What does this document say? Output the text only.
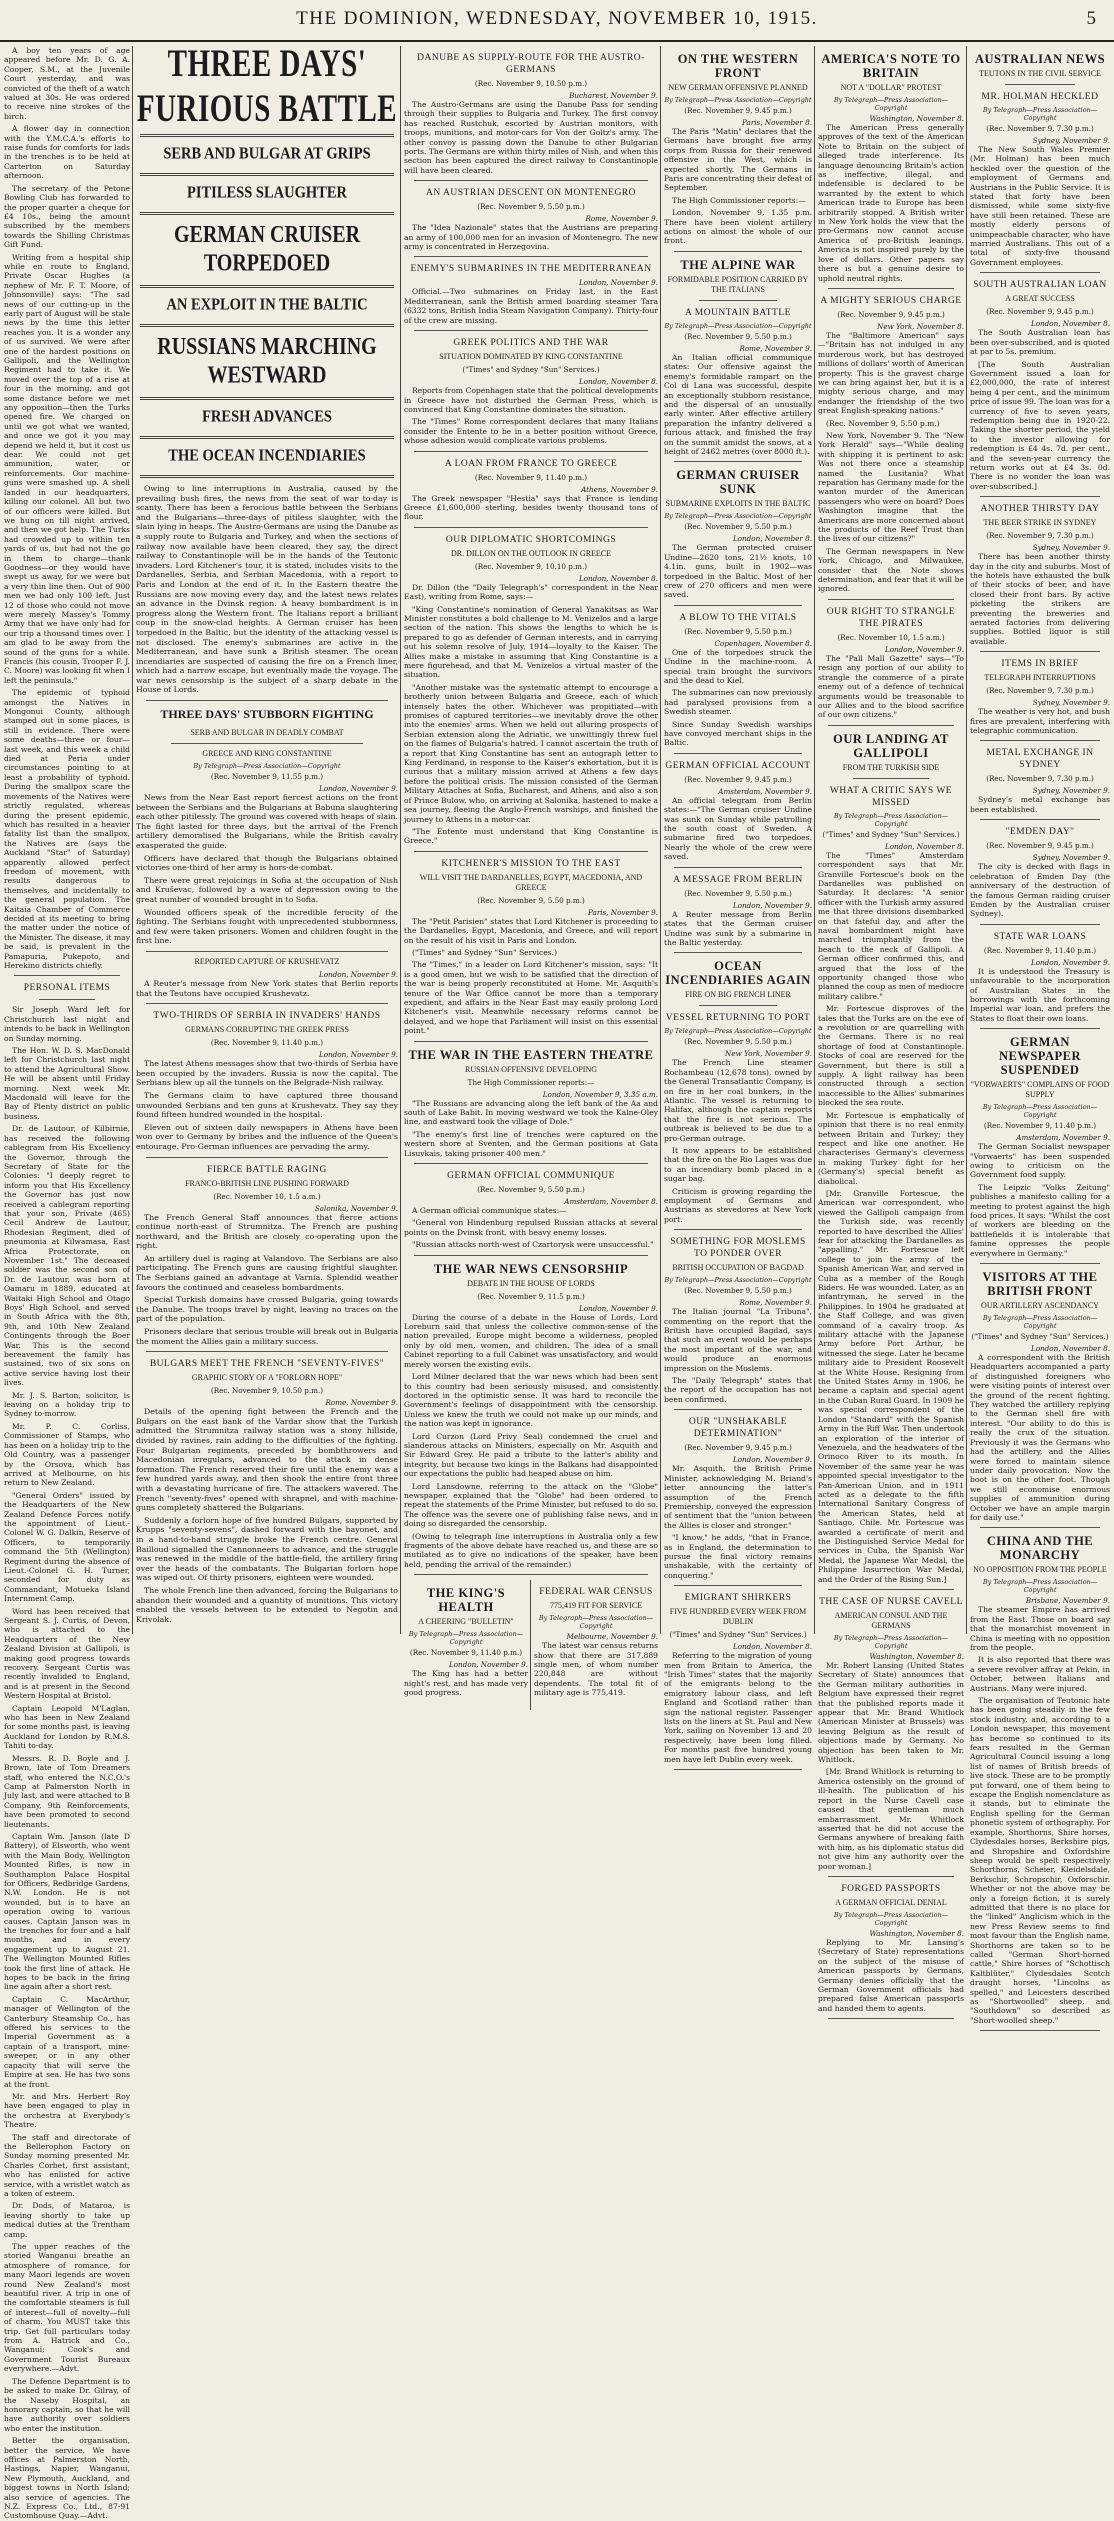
THE DOMINION, WEDNESDAY, NOVEMBER 10, 1915.	5

A boy ten years of age appeared before Mr. D. G. A. Cooper, S.M., at the Juvenile Court yesterday, and was convicted of the theft of a watch valued at 30s. He was ordered to receive nine strokes of the birch.

A flower day in connection with the Y.M.C.A.'s efforts to raise funds for comforts for lads in the trenches is to be held at Carterton on Saturday afternoon.

The secretary of the Petone Bowling Club has forwarded to the proper quarter a cheque for £4 10s., being the amount subscribed by the members towards the Shilling Christmas Gift Fund.

Writing from a hospital ship while en route to England, Private Oscar Hughes (a nephew of Mr. F. T. Moore, of Johnsonville) says: "The sad news of our cutting-up in the early part of August will be stale news by the time this letter reaches you. It is a wonder any of us survived. We were after one of the hardest positions on Gallipoli, and the Wellington Regiment had to take it. We moved over the top of a rise at four in the morning, and got some distance before we met any opposition—then the Turks opened fire. We charged on until we got what we wanted, and once we got it you may depend we held it, but it cost us dear. We could not get ammunition, water, or reinforcements. Our machine-guns were smashed up. A shell landed in our headquarters, killing our colonel. All but two of our officers were killed. But we hung on till night arrived, and then we got help. The Turks had crowded up to within ten yards of us, but had not the go in them to charge—thank Goodness—or they would have swept us away, for we were but a very thin line then. Out of 900 men we had only 100 left. Just 12 of those who could not move were merely Massey's Tommy Army that we have only had for our trip a thousand times over. I am glad to be away from the sound of the guns for a while. Francis (his cousin, Trooper F. J. C. Moore) was looking fit when I left the peninsula."

The epidemic of typhoid amongst the Natives in Mongonui County, although stamped out in some places, is still in evidence. There were some deaths—three or four—last week, and this week a child died at Peria under circumstances pointing to at least a probability of typhoid. During the smallpox scare the movements of the Natives were strictly regulated, whereas during the present epidemic, which has resulted in a heavier fatality list than the smallpox, the Natives are (says the Auckland "Star" of Saturday) apparently allowed perfect freedom of movement, with results dangerous to themselves, and incidentally to the general population. The Kaitaia Chamber of Commerce decided at its meeting to bring the matter under the notice of the Minister. The disease, it may be said, is prevalent in the Pamapuria, Pukepoto, and Herekino districts chiefly.

PERSONAL ITEMS

Sir Joseph Ward left for Christchurch last night and intends to be back in Wellington on Sunday morning.

The Hon. W. D. S. MacDonald left for Christchurch last night to attend the Agricultural Show. He will be absent until Friday morning. Next week Mr. Macdonald will leave for the Bay of Plenty district on public business.

Dr. de Lautour, of Kilbirnie, has received the following cablegram from His Excellency the Governor, through the Secretary of State for the Colonies: "I deeply regret to inform you that His Excellency the Governor has just now received a cablegram reporting that your son, Private (465) Cecil Andrew de Lautour, Rhodesian Regiment, died of pneumonia at Kilwamasa, East Africa Protectorate, on November 1st." The deceased soldier was the second son of Dr. de Lautour, was born at Oamaru in 1889, educated at Waitaki High School and Otago Boys' High School, and served in South Africa with the 8th, 9th, and 10th New Zealand Contingents through the Boer War. This is the second bereavement the family has sustained, two of six sons on active service having lost their lives.

Mr. J. S. Barton, solicitor, is leaving on a holiday trip to Sydney to-morrow.

Mr. P. C. Corliss, Commissioner of Stamps, who has been on a holiday trip to the Old Country, was a passenger by the Orsova, which has arrived at Melbourne, on his return to New Zealand.

"General Orders" issued by the Headquarters of the New Zealand Defence Forces notify the appointment of Lieut.-Colonel W. G. Dalkin, Reserve of Officers, to temporarily command the 5th (Wellington) Regiment during the absence of Lieut.-Colonel G. H. Turner, seconded for duty as Commandant, Motueka Island Internment Camp.

Word has been received that Sergeant S. J. Curtis, of Devon, who is attached to the Headquarters of the New Zealand Division at Gallipoli, is making good progress towards recovery. Sergeant Curtis was recently invalided to England, and is at present in the Second Western Hospital at Bristol.

Captain Leopold M'Laglan, who has been in New Zealand for some months past, is leaving Auckland for London by R.M.S. Tahiti to-day.

Messrs. R. D. Boyle and J. Brown, late of Tom Dreamers staff, who entered the N.C.O.'s Camp at Palmerston North in July last, and were attached to B Company, 9th Reinforcements, have been promoted to second lieutenants.

Captain Wm. Janson (late D Battery), of Elsworth, who went with the Main Body, Wellington Mounted Rifles, is now in Southampton Palace Hospital for Officers, Redbridge Gardens, N.W. London. He is not wounded, but is to have an operation owing to various causes. Captain Janson was in the trenches for four and a half months, and in every engagement up to August 21. The Wellington Mounted Rifles took the first line of attack. He hopes to be back in the firing line again after a short rest.

Captain C. MacArthur, manager of Wellington of the Canterbury Steamship Co., has offered his services to the Imperial Government as a captain of a transport, mine-sweeper, or in any other capacity that will serve the Empire at sea. He has two sons at the front.

Mr. and Mrs. Herbert Roy have been engaged to play in the orchestra at Everybody's Theatre.

The staff and directorate of the Bellerophon Factory on Sunday morning presented Mr. Charles Corbet, first assistant, who has enlisted for active service, with a wristlet watch as a token of esteem.

Dr. Dods, of Mataroa, is leaving shortly to take up medical duties at the Trentham camp.

The upper reaches of the storied Wanganui breathe an atmosphere of romance, for many Maori legends are woven round New Zealand's most beautiful river. A trip in one of the comfortable steamers is full of interest—full of novelty—full of charm. You MUST take this trip. Get full particulars today from A. Hatrick and Co., Wanganui; Cook's and Government Tourist Bureaux everywhere.—Advt.

The Defence Department is to be asked to make Dr. Gilray, of the Naseby Hospital, an honorary captain, so that he will have authority over soldiers who enter the institution.

Better the organisation, better the service. We have offices at Palmerston North, Hastings, Napier, Wanganui, New Plymouth, Auckland, and biggest towns in North Island; also service of agencies. The N.Z. Express Co., Ltd., 87-91 Customhouse Quay.—Advt.

THREE DAYS' FURIOUS BATTLE
SERB AND BULGAR AT GRIPS
PITILESS SLAUGHTER
GERMAN CRUISER TORPEDOED
AN EXPLOIT IN THE BALTIC
RUSSIANS MARCHING WESTWARD
FRESH ADVANCES
THE OCEAN INCENDIARIES

Owing to line interruptions in Australia, caused by the prevailing bush fires, the news from the seat of war to-day is scanty. There has been a ferocious battle between the Serbians and the Bulgarians—three-days of pitiless slaughter, with the slain lying in heaps. The Austro-Germans are using the Danube as a supply route to Bulgaria and Turkey, and when the sections of railway now available have been cleared, they say, the direct railway to Constantinople will be in the hands of the Teutonic invaders. Lord Kitchener's tour, it is stated, includes visits to the Dardanelles, Serbia, and Serbian Macedonia, with a report to Paris and London at the end of it. In the Eastern theatre the Russians are now moving every day, and the latest news relates an advance in the Dvinsk region. A heavy bombardment is in progress along the Western front. The Italians report a brilliant coup in the snow-clad heights. A German cruiser has been torpedoed in the Baltic, but the identity of the attacking vessel is not disclosed. The enemy's submarines are active in the Mediterranean, and have sunk a British steamer. The ocean incendiaries are suspected of causing the fire on a French liner, which had a narrow escape, but eventually made the voyage. The war news censorship is the subject of a sharp debate in the House of Lords.

THREE DAYS' STUBBORN FIGHTING
SERB AND BULGAR IN DEADLY COMBAT
GREECE AND KING CONSTANTINE
By Telegraph—Press Association—Copyright
(Rec. November 9, 11.55 p.m.)
London, November 9.

News from the Near East report fiercest actions on the front between the Serbians and the Bulgarians at Babuna slaughtering each other pitilessly. The ground was covered with heaps of slain. The fight lasted for three days, but the arrival of the French artillery demoralised the Bulgarians, while the British cavalry exasperated the guide.

Officers have declared that though the Bulgarians obtained victories one-third of her army is hors-de-combat.

There were great rejoicings in Sofia at the occupation of Nish and Kruševac, followed by a wave of depression owing to the great number of wounded brought in to Sofia.

Wounded officers speak of the incredible ferocity of the fighting. The Serbians fought with unprecedented stubbornness, and few were taken prisoners. Women and children fought in the first line.

REPORTED CAPTURE OF KRUSHEVATZ
London, November 9.

A Reuter's message from New York states that Berlin reports that the Teutons have occupied Krushevatz.

TWO-THIRDS OF SERBIA IN INVADERS' HANDS
GERMANS CORRUPTING THE GREEK PRESS
(Rec. November 9, 11.40 p.m.)
London, November 9.

The latest Athens messages show that two-thirds of Serbia have been occupied by the invaders. Russia is now the capital. The Serbians blew up all the tunnels on the Belgrade-Nish railway.

The Germans claim to have captured three thousand unwounded Serbians and ten guns at Krushevatz. They say they found fifteen hundred wounded in the hospital.

Eleven out of sixteen daily newspapers in Athens have been won over to Germany by bribes and the influence of the Queen's entourage. Pro-German influences are pervading the army.

FIERCE BATTLE RAGING
FRANCO-BRITISH LINE PUSHING FORWARD
(Rec. November 10, 1.5 a.m.)
Salonika, November 9.

The French General Staff announces that fierce actions continue north-east of Strumnitza. The French are pushing northward, and the British are closely co-operating upon the right.

An artillery duel is raging at Valandovo. The Serbians are also participating. The French guns are causing frightful slaughter. The Serbians gained an advantage at Varnia. Splendid weather favours the continued and ceaseless bombardments.

Special Turkish domains have crossed Bulgaria, going towards the Danube. The troops travel by night, leaving no traces on the part of the population.

Prisoners declare that serious trouble will break out in Bulgaria the moment the Allies gain a military success.

BULGARS MEET THE FRENCH "SEVENTY-FIVES"
GRAPHIC STORY OF A "FORLORN HOPE"
(Rec. November 9, 10.50 p.m.)
Rome, November 9.

Details of the opening fight between the French and the Bulgars on the east bank of the Vardar show that the Turkish admitted the Strumnitza railway station was a stony hillside, divided by ravines, rain adding to the difficulties of the fighting. Four Bulgarian regiments, preceded by bombthrowers and Macedonian irregulars, advanced to the attack in dense formation. The French reserved their fire until the enemy was a few hundred yards away, and then shook the entire front three with a devastating hurricane of fire. The attackers wavered. The French "seventy-fives" opened with shrapnel, and with machine-guns completely shattered the Bulgarians.

Suddenly a forlorn hope of five hundred Bulgars, supported by Krupps "seventy-sevens", dashed forward with the bayonet, and in a hand-to-hand struggle broke the French centre. General Bailloud signalled the Cannonneers to advance, and the struggle was renewed in the middle of the battle-field, the artillery firing over the heads of the combatants. The Bulgarian forlorn hope was wiped out. Of thirty prisoners, eighteen were wounded.

The whole French line then advanced, forcing the Bulgarians to abandon their wounded and a quantity of munitions. This victory enabled the vessels between to be extended to Negotin and Krivolak.

DANUBE AS SUPPLY-ROUTE FOR THE AUSTRO-GERMANS
(Rec. November 9, 10.50 p.m.)
Bucharest, November 9.

The Austro-Germans are using the Danube Pass for sending through their supplies to Bulgaria and Turkey. The first convoy has reached Rustchuk, escorted by Austrian monitors, with troops, munitions, and motor-cars for Von der Goltz's army. The other convoy is passing down the Danube to other Bulgarian ports. The Germans are within thirty miles of Nish, and when this section has been captured the direct railway to Constantinople will have been cleared.

AN AUSTRIAN DESCENT ON MONTENEGRO
(Rec. November 9, 5.50 p.m.)
Rome, November 9.

The "Idea Nazionale" states that the Austrians are preparing an army of 100,000 men for an invasion of Montenegro. The new army is concentrated in Herzegovina.

ENEMY'S SUBMARINES IN THE MEDITERRANEAN
London, November 9.

Official.—Two submarines on Friday last, in the East Mediterranean, sank the British armed boarding steamer Tara (6332 tons, British India Steam Navigation Company). Thirty-four of the crew are missing.

GREEK POLITICS AND THE WAR
SITUATION DOMINATED BY KING CONSTANTINE
("Times" and Sydney "Sun" Services.)
London, November 8.

Reports from Copenhagen state that the political developments in Greece have not disturbed the German Press, which is convinced that King Constantine dominates the situation.

The "Times" Rome correspondent declares that many Italians consider the Entente to be in a better position without Greece, whose adhesion would complicate various problems.

A LOAN FROM FRANCE TO GREECE
(Rec. November 9, 11.40 p.m.)
Athens, November 9.

The Greek newspaper "Hestia" says that France is lending Greece £1,600,000 sterling, besides twenty thousand tons of flour.

OUR DIPLOMATIC SHORTCOMINGS
DR. DILLON ON THE OUTLOOK IN GREECE
(Rec. November 9, 10.10 p.m.)
London, November 8.

Dr. Dillon (the "Daily Telegraph's" correspondent in the Near East), writing from Rome, says:—

"King Constantine's nomination of General Yanakitsas as War Minister constitutes a bold challenge to M. Venizelos and a large section of the nation. This shows the lengths to which he is prepared to go as defender of German interests, and in carrying out his solemn resolve of July, 1914—loyalty to the Kaiser. The Allies make a mistake in assuming that King Constantine is a mere figurehead, and that M. Venizelos a virtual master of the situation.

"Another mistake was the systematic attempt to encourage a brotherly union between Bulgaria and Greece, each of which intensely hates the other. Whichever was propitiated—with promises of captured territories—we inevitably drove the other into the enemies' arms. When we held out alluring prospects of Serbian extension along the Adriatic, we unwittingly threw fuel on the flames of Bulgaria's hatred. I cannot ascertain the truth of a report that King Constantine has sent an autograph letter to King Ferdinand, in response to the Kaiser's exhortation, but it is curious that a military mission arrived at Athens a few days before the political crisis. The mission consisted of the German Military Attaches at Sofia, Bucharest, and Athens, and also a son of Prince Bulow, who, on arriving at Salonika, hastened to make a sea journey, fleeing the Anglo-French warships, and finished the journey to Athens in a motor-car.

"The Entente must understand that King Constantine is Greece."

KITCHENER'S MISSION TO THE EAST
WILL VISIT THE DARDANELLES, EGYPT, MACEDONIA, AND GREECE
(Rec. November 9, 5.50 p.m.)
Paris, November 9.

The "Petit Parisien" states that Lord Kitchener is proceeding to the Dardanelles, Egypt, Macedonia, and Greece, and will report on the result of his visit in Paris and London.

("Times" and Sydney "Sun" Services.)

The "Times," in a leader on Lord Kitchener's mission, says: "It is a good omen, but we wish to be satisfied that the direction of the war is being properly reconstituted at Home. Mr. Asquith's tenure of the War Office cannot be more than a temporary expedient, and affairs in the Near East may easily prolong Lord Kitchener's visit. Meanwhile necessary reforms cannot be delayed, and we hope that Parliament will insist on this essential point."

THE WAR IN THE EASTERN THEATRE
RUSSIAN OFFENSIVE DEVELOPING
The High Commissioner reports:—
London, November 9, 3.35 a.m.

"The Russians are advancing along the left bank of the Aa and south of Lake Babit. In moving westward we took the Kalne-Oley line, and eastward took the village of Dole."

"The enemy's first line of trenches were captured on the western shore at Sventen, and the German positions at Gata Lisuvkais, taking prisoner 400 men."

GERMAN OFFICIAL COMMUNIQUE
(Rec. November 9, 5.50 p.m.)
Amsterdam, November 8.

A German official communique states:—

"General von Hindenburg repulsed Russian attacks at several points on the Dvinsk front, with heavy enemy losses.

"Russian attacks north-west of Czartorysk were unsuccessful."

THE WAR NEWS CENSORSHIP
DEBATE IN THE HOUSE OF LORDS
(Rec. November 9, 11.5 p.m.)
London, November 9.

During the course of a debate in the House of Lords, Lord Loreburn said that unless the collective common-sense of the nation prevailed, Europe might become a wilderness, peopled only by old men, women, and children. The idea of a small Cabinet reporting to a full Cabinet was unsatisfactory, and would merely worsen the existing evils.

Lord Milner declared that the war news which had been sent to this country had been seriously misused, and consistently doctored in the optimistic sense. It was hard to reconcile the Government's feelings of disappointment with the censorship. Unless we knew the truth we could not make up our minds, and the nation was kept in ignorance.

Lord Curzon (Lord Privy Seal) condemned the cruel and slanderous attacks on Ministers, especially on Mr. Asquith and Sir Edward Grey. He paid a tribute to the latter's ability and integrity, but because two kings in the Balkans had disappointed our expectations the public had heaped abuse on him.

Lord Lansdowne, referring to the attack on the "Globe" newspaper, explained that the "Globe" had been ordered to repeat the statements of the Prime Minister, but refused to do so. The offence was the severe one of publishing false news, and in doing so disregarded the censorship.

(Owing to telegraph line interruptions in Australia only a few fragments of the above debate have reached us, and these are so mutilated as to give no indications of the speaker, have been held, pending the arrival of the remainder.)

THE KING'S HEALTH
A CHEERING "BULLETIN"
By Telegraph—Press Association—Copyright
(Rec. November 9, 11.40 p.m.)
London, November 9.

The King has had a better night's rest, and has made very good progress.

FEDERAL WAR CENSUS
775,419 FIT FOR SERVICE
By Telegraph—Press Association—Copyright
Melbourne, November 9.

The latest war census returns show that there are 317,889 single men, of whom number 220,848 are without dependents. The total fit of military age is 775,419.

ON THE WESTERN FRONT
NEW GERMAN OFFENSIVE PLANNED
By Telegraph—Press Association—Copyright
(Rec. November 9, 9.45 p.m.)
Paris, November 8.

The Paris "Matin" declares that the Germans have brought five army corps from Russia for their renewed offensive in the West, which is expected shortly. The Germans in Paris are concentrating their defeat of September.

The High Commissioner reports:—

London, November 9, 1.35 p.m. There have been violent artillery actions on almost the whole of our front.

THE ALPINE WAR
FORMIDABLE POSITION CARRIED BY THE ITALIANS
A MOUNTAIN BATTLE
By Telegraph—Press Association—Copyright
(Rec. November 9, 5.50 p.m.)
Rome, November 9.

An Italian official communique states: Our offensive against the enemy's formidable rampart on the Col di Lana was successful, despite an exceptionally stubborn resistance, and the dispersal of an unusually early winter. After effective artillery preparation the infantry delivered a furious attack, and finished the fray on the summit amidst the snows, at a height of 2462 metres (over 8000 ft.).

GERMAN CRUISER SUNK
SUBMARINE EXPLOITS IN THE BALTIC
By Telegraph—Press Association—Copyright
(Rec. November 9, 5.50 p.m.)
London, November 8.

The German protected cruiser Undine—2620 tons, 21½ knots, 10 4.1in. guns, built in 1902—was torpedoed in the Baltic. Most of her crew of 270 officers and men were saved.

A BLOW TO THE VITALS
(Rec. November 9, 5.50 p.m.)
Copenhagen, November 8.

One of the torpedoes struck the Undine in the machine-room. A special train brought the survivors and the dead to Kiel.

The submarines can now previously had paralysed provisions from a Swedish steamer.

Since Sunday Swedish warships have convoyed merchant ships in the Baltic.

GERMAN OFFICIAL ACCOUNT
(Rec. November 9, 9.45 p.m.)
Amsterdam, November 9.

An official telegram from Berlin states:—"The German cruiser Undine was sunk on Sunday while patrolling the south coast of Sweden. A submarine fired two torpedoes. Nearly the whole of the crew were saved.

A MESSAGE FROM BERLIN
(Rec. November 9, 5.50 p.m.)
London, November 9.

A Reuter message from Berlin states that the German cruiser Undine was sunk by a submarine in the Baltic yesterday.

OCEAN INCENDIARIES AGAIN
FIRE ON BIG FRENCH LINER
VESSEL RETURNING TO PORT
By Telegraph—Press Association—Copyright
(Rec. November 9, 5.50 p.m.)
New York, November 9.

The French Line steamer Rochambeau (12,678 tons), owned by the General Transatlantic Company, is on fire in her coal bunkers, in the Atlantic. The vessel is returning to Halifax, although the captain reports that the fire is not serious. The outbreak is believed to be due to a pro-German outrage.

It now appears to be established that the fire on the Rio Lages was due to an incendiary bomb placed in a sugar bag.

Criticism is growing regarding the employment of Germans and Austrians as stevedores at New York port.

SOMETHING FOR MOSLEMS TO PONDER OVER
BRITISH OCCUPATION OF BAGDAD
By Telegraph—Press Association—Copyright
(Rec. November 9, 5.50 p.m.)
Rome, November 9.

The Italian journal "La Tribuna", commenting on the report that the British have occupied Bagdad, says that such an event would be perhaps the most important of the war, and would produce an enormous impression on the Moslems.

The "Daily Telegraph" states that the report of the occupation has not been confirmed.

OUR "UNSHAKABLE DETERMINATION"
(Rec. November 9, 9.45 p.m.)
London, November 9.

Mr. Asquith, the British Prime Minister, acknowledging M. Briand's letter announcing the latter's assumption of the French Premiership, conveyed the expression of sentiment that the "union between the Allies is closer and stronger."

"I know," he adds, "that in France, as in England, the determination to pursue the final victory remains unshakable, with the certainty of conquering."

EMIGRANT SHIRKERS
FIVE HUNDRED EVERY WEEK FROM DUBLIN
("Times" and Sydney "Sun" Services.)
London, November 8.

Referring to the migration of young men from Britain to America, the "Irish Times" states that the majority of the emigrants belong to the emigratory labour class, and left England and Scotland rather than sign the national register. Passenger lists on the liners at St. Paul and New York, sailing on November 13 and 20 respectively, have been long filled. For months past five hundred young men have left Dublin every week.

AMERICA'S NOTE TO BRITAIN
NOT A "DOLLAR" PROTEST
By Telegraph—Press Association—Copyright
Washington, November 8.

The American Press generally approves of the text of the American Note to Britain on the subject of alleged trade interference. Its language denouncing Britain's action as ineffective, illegal, and indefensible is declared to be warranted by the extent to which American trade to Europe has been arbitrarily stopped. A British writer in New York holds the view that the pro-Germans now cannot accuse America of pro-British leanings. America is not inspired purely by the love of dollars. Other papers say there is but a genuine desire to uphold neutral rights.

A MIGHTY SERIOUS CHARGE
(Rec. November 9, 9.45 p.m.)
New York, November 8.

The "Baltimore American" says—"Britain has not indulged in any murderous work, but has destroyed millions of dollars' worth of American property. This is the gravest charge we can bring against her, but it is a mighty serious charge, and may endanger the friendship of the two great English-speaking nations."

(Rec. November 9, 5.50 p.m.)

New York, November 9. The "New York Herald" says—"While dealing with shipping it is pertinent to ask: Was not there once a steamship named the Lusitania? What reparation has Germany made for the wanton murder of the American passengers who were on board? Does Washington imagine that the Americans are more concerned about the products of the Reef Trust than the lives of our citizens?"

The German newspapers in New York, Chicago, and Milwaukee, consider that the Note shows determination, and fear that it will be ignored.

OUR RIGHT TO STRANGLE THE PIRATES
(Rec. November 10, 1.5 a.m.)
London, November 9.

The "Pall Mall Gazette" says—"To resign any portion of our ability to strangle the commerce of a pirate enemy out of a defence of technical arguments would be treasonable to our Allies and to the blood sacrifice of our own citizens."

OUR LANDING AT GALLIPOLI
FROM THE TURKISH SIDE
WHAT A CRITIC SAYS WE MISSED
By Telegraph—Press Association—Copyright
("Times" and Sydney "Sun" Services.)
London, November 8.

The "Times" Amsterdam correspondent says that Mr. Granville Fortescue's book on the Dardanelles was published on Saturday. It declares: "A senior officer with the Turkish army assured me that three divisions disembarked on that fateful day, and after the naval bombardment might have marched triumphantly from the beach to the neck of Gallipoli. A German officer confirmed this, and argued that the loss of the opportunity changed those who planned the coup as men of mediocre military calibre."

Mr. Fortescue disproves of the tales that the Turks are on the eve of a revolution or are quarrelling with the Germans. There is no real shortage of food at Constantinople. Stocks of coal are reserved for the Government, but there is still a supply. A light railway has been constructed through a section inaccessible to the Allies' submarines blocked the sea route.

Mr. Fortescue is emphatically of opinion that there is no real enmity between Britain and Turkey; they respect and like one another. He characterises Germany's cleverness in making Turkey fight for her (Germany's) special benefit as diabolical.

[Mr. Granville Fortescue, the American war correspondent, who viewed the Gallipoli campaign from the Turkish side, was recently reported to have described the Allies' fear for attacking the Dardanelles as "appalling." Mr. Fortescue left college to join the army of the Spanish American War, and served in Cuba as a member of the Rough Riders. He was wounded. Later, as an infantryman, he served in the Philippines. In 1904 he graduated at the Staff College, and was given command of a cavalry troop. As military attaché with the Japanese Army before Port Arthur, he witnessed the siege. Later he became military aide to President Roosevelt at the White House. Resigning from the United States Army in 1906, he became a captain and special agent in the Cuban Rural Guard. In 1909 he was special correspondent of the London "Standard" with the Spanish Army in the Riff War. Then undertook an exploration of the interior of Venezuela, and the headwaters of the Orinoco River to its mouth. In November of the same year he was appointed special investigator to the Pan-American Union, and in 1911 acted as a delegate to the fifth International Sanitary Congress of the American States, held at Santiago, Chile. Mr. Fortescue was awarded a certificate of merit and the Distinguished Service Medal for services in Cuba, the Spanish War Medal, the Japanese War Medal, the Philippine Insurrection War Medal, and the Order of the Rising Sun.]

THE CASE OF NURSE CAVELL
AMERICAN CONSUL AND THE GERMANS
By Telegraph—Press Association—Copyright
Washington, November 8.

Mr. Robert Lansing (United States Secretary of State) announces that the German military authorities in Belgium have expressed their regret that the published reports made it appear that Mr. Brand Whitlock (American Minister at Brussels) was leaving Belgium as the result of objections made by Germany. No objection has been taken to Mr. Whitlock.

[Mr. Brand Whitlock is returning to America ostensibly on the ground of ill-health. The publication of his report in the Nurse Cavell case caused that gentleman much embarrassment. Mr. Whitlock asserted that he did not accuse the Germans anywhere of breaking faith with him, as his diplomatic status did not give him any authority over the poor woman.]

FORGED PASSPORTS
A GERMAN OFFICIAL DENIAL
By Telegraph—Press Association—Copyright
Washington, November 8.

Replying to Mr. Lansing's (Secretary of State) representations on the subject of the misuse of American passports by Germans, Germany denies officially that the German Government officials had prepared false American passports and handed them to agents.

AUSTRALIAN NEWS
TEUTONS IN THE CIVIL SERVICE
MR. HOLMAN HECKLED
By Telegraph—Press Association—Copyright
(Rec. November 9, 7.30 p.m.)
Sydney, November 9.

The New South Wales Premier (Mr. Holman) has been much heckled over the question of the employment of Germans and Austrians in the Public Service. It is stated that forty have been dismissed, while some sixty-five have still been retained. These are mostly elderly persons of unimpeachable character, who have married Australians. This out of a total of sixty-five thousand Government employees.

SOUTH AUSTRALIAN LOAN
A GREAT SUCCESS
(Rec. November 9, 9.45 p.m.)
London, November 8.

The South Australian loan has been over-subscribed, and is quoted at par to 5s. premium.

[The South Australian Government issued a loan for £2,000,000, the rate of interest being 4 per cent., and the minimum price of issue 99. The loan was for a currency of five to seven years, redemption being due in 1920-22. Taking the shorter period, the yield to the investor allowing for redemption is £4 4s. 7d. per cent., and the seven-year currency the return works out at £4 3s. 0d. There is no wonder the loan was over-subscribed.]

ANOTHER THIRSTY DAY
THE BEER STRIKE IN SYDNEY
(Rec. November 9, 7.30 p.m.)
Sydney, November 9.

There has been another thirsty day in the city and suburbs. Most of the hotels have exhausted the bulk of their stocks of beer, and have closed their front bars. By active picketing the strikers are preventing the breweries and aerated factories from delivering supplies. Bottled liquor is still available.

ITEMS IN BRIEF
TELEGRAPH INTERRUPTIONS
(Rec. November 9, 7.30 p.m.)
Sydney, November 9.

The weather is very hot, and bush fires are prevalent, interfering with telegraphic communication.

METAL EXCHANGE IN SYDNEY
(Rec. November 9, 7.30 p.m.)
Sydney, November 9.

Sydney's metal exchange has been established.

"EMDEN DAY"
(Rec. November 9, 9.45 p.m.)
Sydney, November 9.

The city is decked with flags in celebration of Emden Day (the anniversary of the destruction of the famous German raiding cruiser Emden by the Australian cruiser Sydney).

STATE WAR LOANS
(Rec. November 9, 11.40 p.m.)
London, November 9.

It is understood the Treasury is unfavourable to the incorporation of Australian States in the borrowings with the forthcoming Imperial war loan, and prefers the States to float their own loans.

GERMAN NEWSPAPER SUSPENDED
"VORWAERTS" COMPLAINS OF FOOD SUPPLY
By Telegraph—Press Association—Copyright
(Rec. November 9, 11.40 p.m.)
Amsterdam, November 9.

The German Socialist newspaper "Vorwaerts" has been suspended owing to criticism on the Government food supply.

The Leipzic "Volks Zeitung" publishes a manifesto calling for a meeting to protest against the high food prices. It says: "Whilst the cost of workers are bleeding on the battlefields it is intolerable that famine oppresses the people everywhere in Germany."

VISITORS AT THE BRITISH FRONT
OUR ARTILLERY ASCENDANCY
By Telegraph—Press Association—Copyright
("Times" and Sydney "Sun" Services.)
London, November 8.

A correspondent with the British Headquarters accompanied a party of distinguished foreigners who were visiting points of interest over the ground of the recent fighting. They watched the artillery replying to the German shell fire with interest. "Our ability to do this is really the crux of the situation. Previously it was the Germans who had the artillery, and the Allies were forced to maintain silence under daily provocation. Now the boot is on the other foot. Though we still economise enormous supplies of ammunition during October we have an ample margin for daily use."

CHINA AND THE MONARCHY
NO OPPOSITION FROM THE PEOPLE
By Telegraph—Press Association—Copyright
Brisbane, November 9.

The steamer Empire has arrived from the East. Those on board say that the monarchist movement in China is meeting with no opposition from the people.

It is also reported that there was a severe revolver affray at Pekin, in October, between Italians and Austrians. Many were injured.

The organisation of Teutonic hate has been going steadily in the few stock industry, and, according to a London newspaper, this movement has become so continued to its fears resulted in the German Agricultural Council issuing a long list of names of British breeds of live stock. These are to be promptly put forward, one of them being to escape the English nomenclature as it stands, but to eliminate the English spelling for the German phonetic system of orthography. For example, Shorthorns, Shire horses, Clydesdales horses, Berkshire pigs, and Shropshire and Oxfordshire sheep would be spelt respectively Schorthorns, Scheier, Kleidelsdale, Berkschir, Schropschir, Oxforschir. Whether or not the above may be only a foreign fiction, it is surely admitted that there is no place for the "linked" Anglicism which in the new Press Review seems to find most favour than the English name. Shorthorns are taken so to be called "German Short-horned cattle," Shire horses of "Schottisch Kaltblüter," Clydesdales Scotch draught horses, "Lincolns as spelled," and Leicesters described as "Shortwoolled" sheep, and "Southdown" so described as "Short-woolled sheep."
